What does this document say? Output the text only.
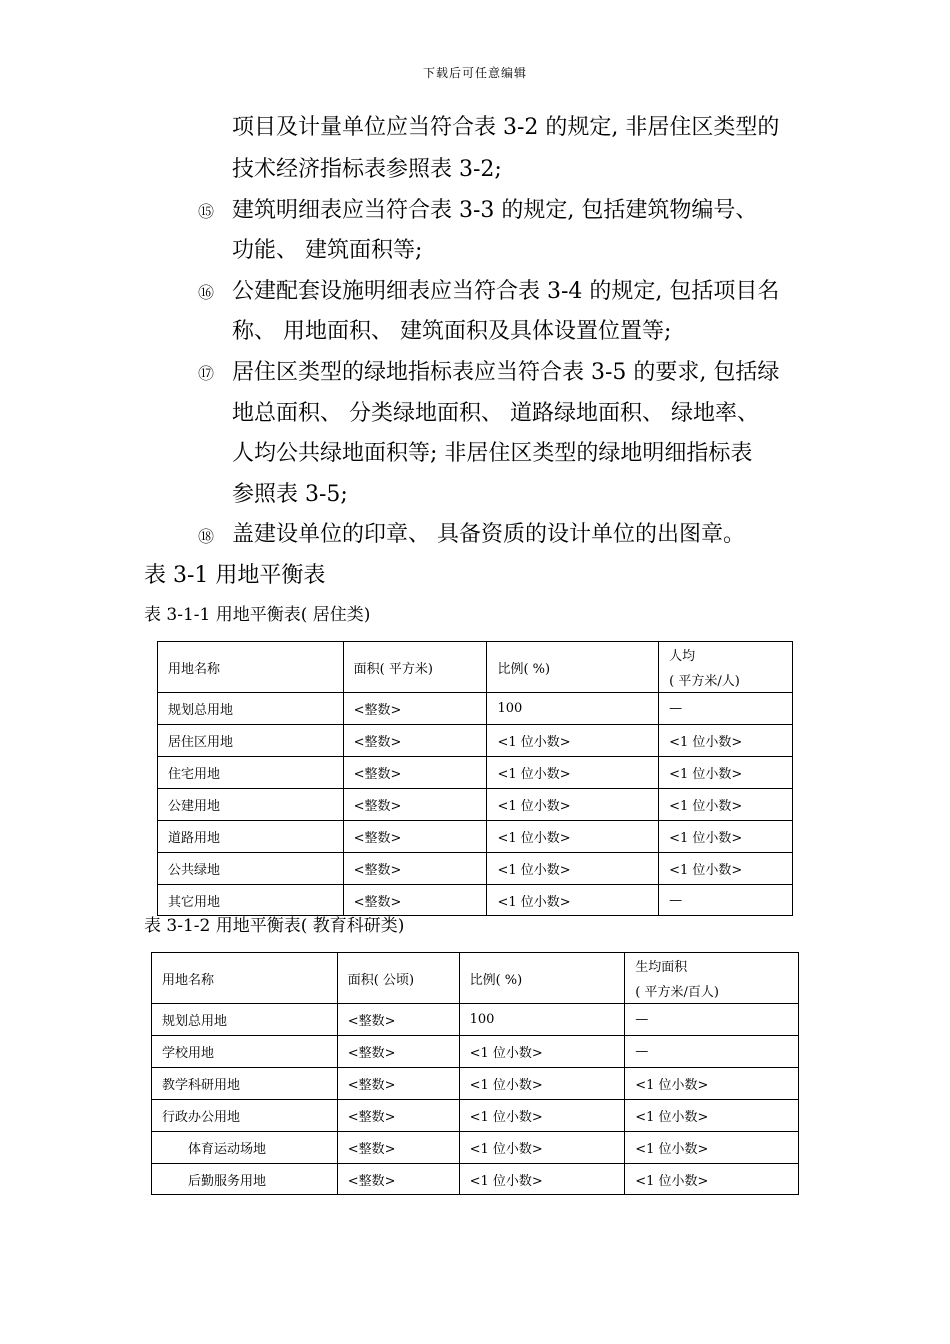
下载后可任意编辑
项目及计量单位应当符合表 3-2 的规定, 非居住区类型的
技术经济指标表参照表 3-2;
⑮ 建筑明细表应当符合表 3-3 的规定, 包括建筑物编号、
功能、 建筑面积等;
⑯ 公建配套设施明细表应当符合表 3-4 的规定, 包括项目名
称、 用地面积、 建筑面积及具体设置位置等;
⑰ 居住区类型的绿地指标表应当符合表 3-5 的要求, 包括绿
地总面积、 分类绿地面积、 道路绿地面积、 绿地率、
人均公共绿地面积等; 非居住区类型的绿地明细指标表
参照表 3-5;
⑱ 盖建设单位的印章、 具备资质的设计单位的出图章。
表 3-1 用地平衡表
表 3-1-1 用地平衡表( 居住类)
用地名称	面积( 平方米)	比例( %)	人均
( 平方米/人)

规划总用地	<整数>	100	—
居住区用地	<整数>	<1 位小数>	<1 位小数>
住宅用地	<整数>	<1 位小数>	<1 位小数>
公建用地	<整数>	<1 位小数>	<1 位小数>
道路用地	<整数>	<1 位小数>	<1 位小数>
公共绿地	<整数>	<1 位小数>	<1 位小数>
其它用地	<整数>	<1 位小数>	—
表 3-1-2 用地平衡表( 教育科研类)
用地名称	面积( 公顷)	比例( %)	生均面积
( 平方米/百人)

规划总用地	<整数>	100	—
学校用地	<整数>	<1 位小数>	—
教学科研用地	<整数>	<1 位小数>	<1 位小数>
行政办公用地	<整数>	<1 位小数>	<1 位小数>
体育运动场地	<整数>	<1 位小数>	<1 位小数>
后勤服务用地	<整数>	<1 位小数>	<1 位小数>
